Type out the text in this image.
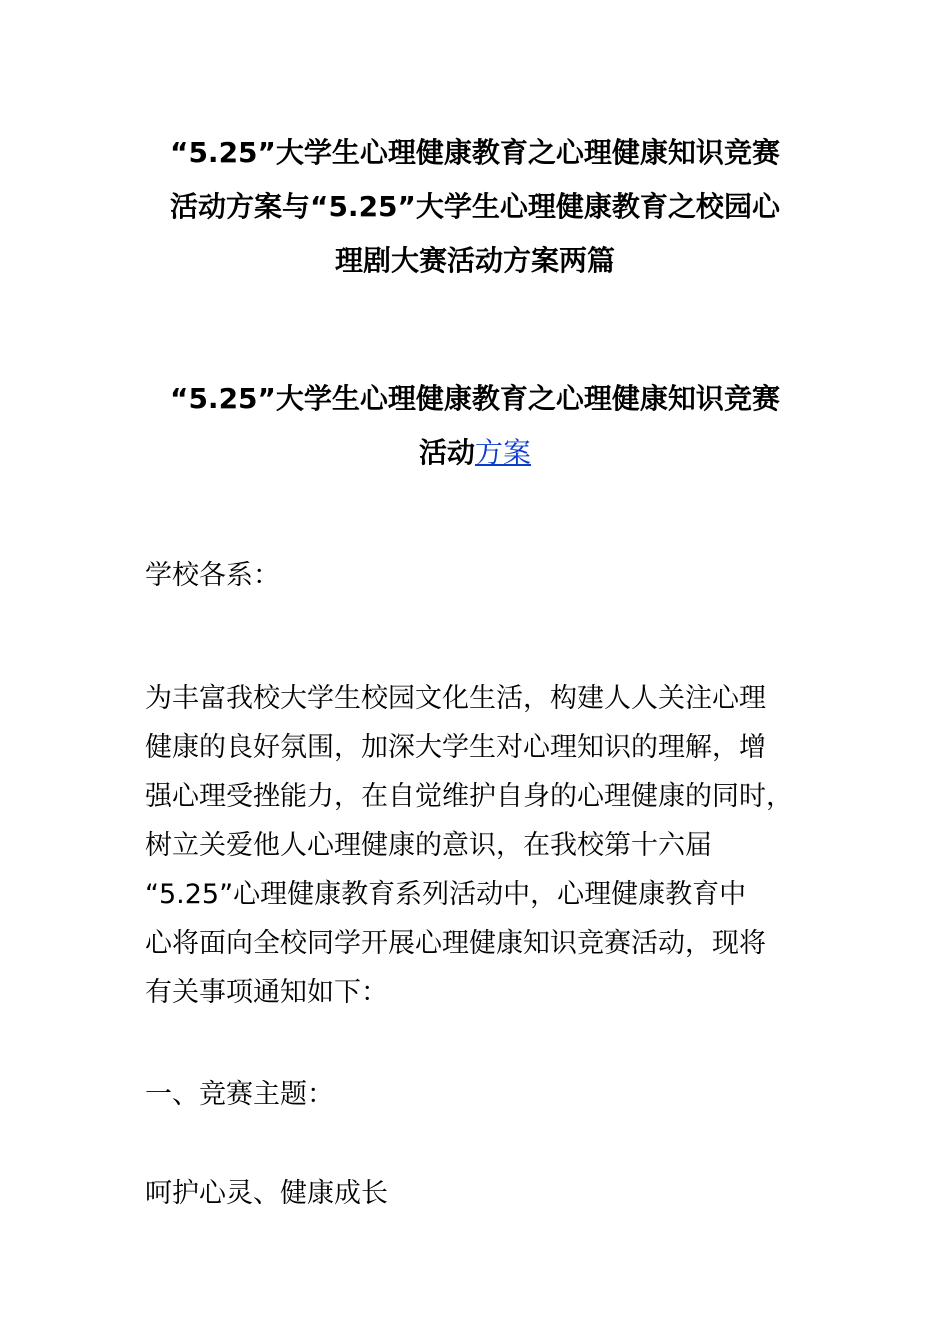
“5.25”大学生心理健康教育之心理健康知识竞赛
活动方案与“5.25”大学生心理健康教育之校园心
理剧大赛活动方案两篇
“5.25”大学生心理健康教育之心理健康知识竞赛
活动方案
学校各系：
为丰富我校大学生校园文化生活，构建人人关注心理
健康的良好氛围，加深大学生对心理知识的理解，增
强心理受挫能力，在自觉维护自身的心理健康的同时，
树立关爱他人心理健康的意识，在我校第十六届
“5.25”心理健康教育系列活动中，心理健康教育中
心将面向全校同学开展心理健康知识竞赛活动，现将
有关事项通知如下：
一、竞赛主题：
呵护心灵、健康成长
